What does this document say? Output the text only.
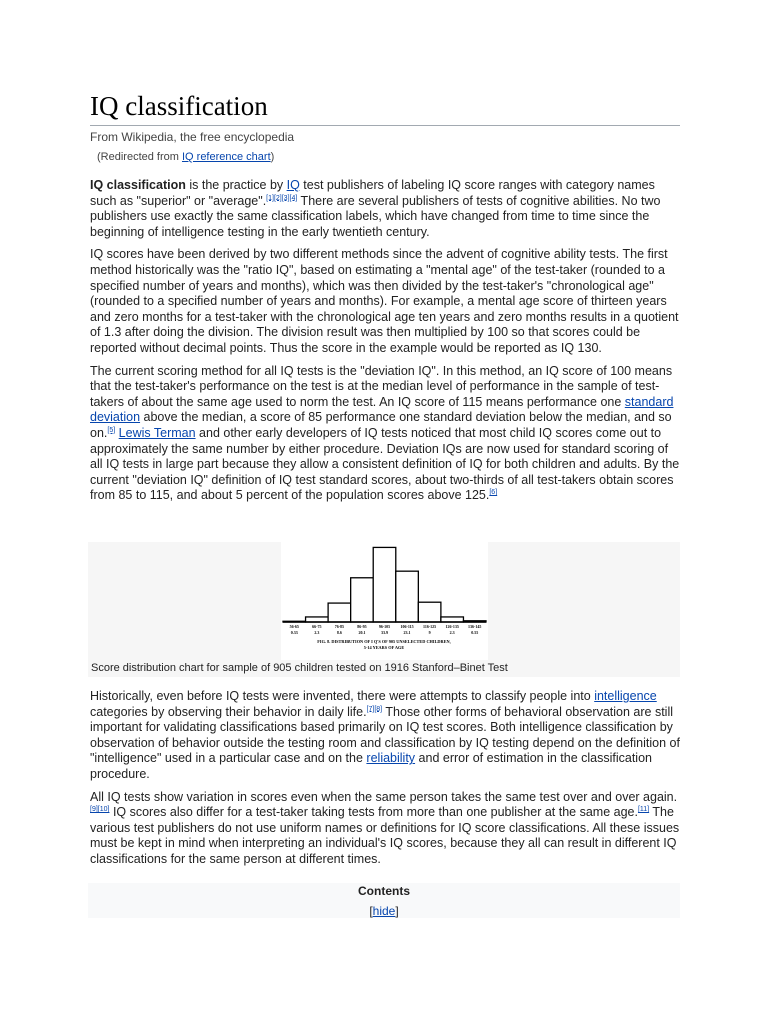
IQ classification
From Wikipedia, the free encyclopedia
(Redirected from IQ reference chart)

IQ classification is the practice by IQ test publishers of labeling IQ score ranges with category names such as "superior" or "average".[1][2][3][4] There are several publishers of tests of cognitive abilities. No two publishers use exactly the same classification labels, which have changed from time to time since the beginning of intelligence testing in the early twentieth century.

IQ scores have been derived by two different methods since the advent of cognitive ability tests. The first method historically was the "ratio IQ", based on estimating a "mental age" of the test-taker (rounded to a specified number of years and months), which was then divided by the test-taker's "chronological age" (rounded to a specified number of years and months). For example, a mental age score of thirteen years and zero months for a test-taker with the chronological age ten years and zero months results in a quotient of 1.3 after doing the division. The division result was then multiplied by 100 so that scores could be reported without decimal points. Thus the score in the example would be reported as IQ 130.

The current scoring method for all IQ tests is the "deviation IQ". In this method, an IQ score of 100 means that the test-taker's performance on the test is at the median level of performance in the sample of test-takers of about the same age used to norm the test. An IQ score of 115 means performance one standard deviation above the median, a score of 85 performance one standard deviation below the median, and so on.[5] Lewis Terman and other early developers of IQ tests noticed that most child IQ scores come out to approximately the same number by either procedure. Deviation IQs are now used for standard scoring of all IQ tests in large part because they allow a consistent definition of IQ for both children and adults. By the current "deviation IQ" definition of IQ test standard scores, about two-thirds of all test-takers obtain scores from 85 to 115, and about 5 percent of the population scores above 125.[6]

56-65
0.33
66-75
2.3
76-85
8.6
86-95
20.1
96-105
33.9
106-115
23.1
116-125
9
126-135
2.3
136-145
0.55
FIG. 8. DISTRIBUTION OF I Q'S OF 905 UNSELECTED CHILDREN,
5-14 YEARS OF AGE
Score distribution chart for sample of 905 children tested on 1916 Stanford–Binet Test

Historically, even before IQ tests were invented, there were attempts to classify people into intelligence categories by observing their behavior in daily life.[7][8] Those other forms of behavioral observation are still important for validating classifications based primarily on IQ test scores. Both intelligence classification by observation of behavior outside the testing room and classification by IQ testing depend on the definition of "intelligence" used in a particular case and on the reliability and error of estimation in the classification procedure.

All IQ tests show variation in scores even when the same person takes the same test over and over again.[9][10] IQ scores also differ for a test-taker taking tests from more than one publisher at the same age.[11] The various test publishers do not use uniform names or definitions for IQ score classifications. All these issues must be kept in mind when interpreting an individual's IQ scores, because they all can result in different IQ classifications for the same person at different times.

Contents
[hide]
